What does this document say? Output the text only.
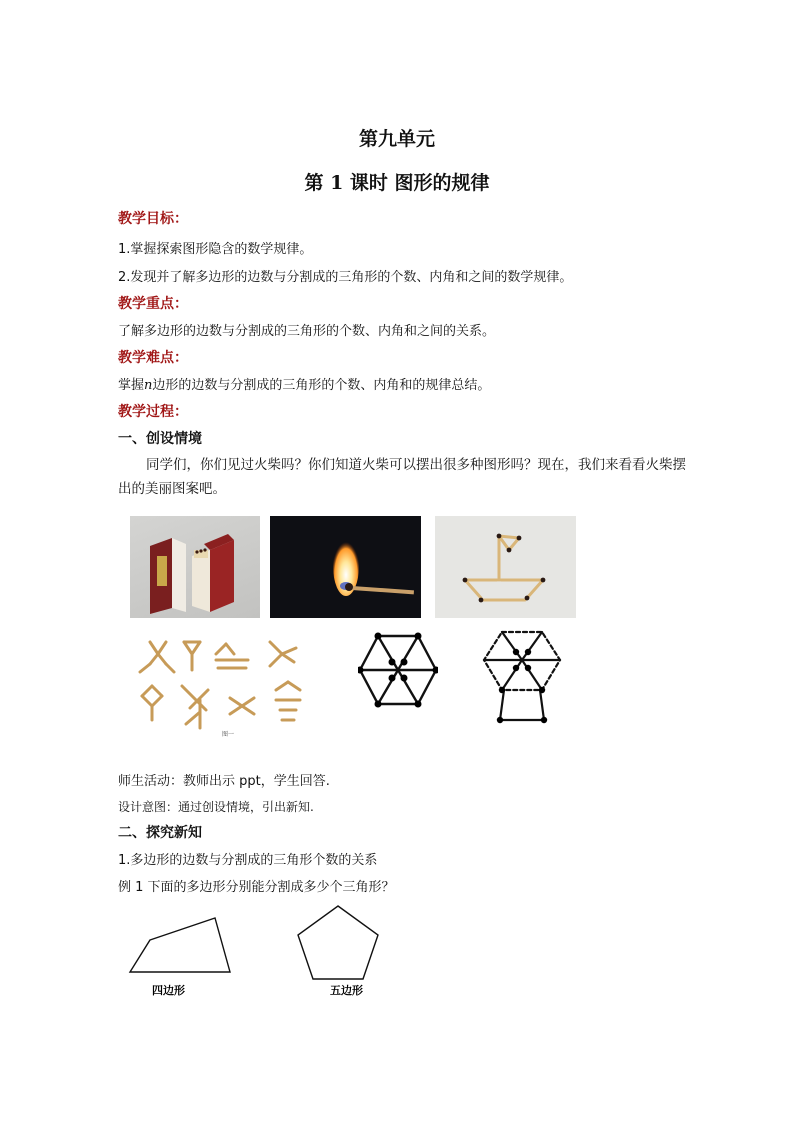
第九单元
第 1 课时 图形的规律
教学目标：
1.掌握探索图形隐含的数学规律。
2.发现并了解多边形的边数与分割成的三角形的个数、内角和之间的数学规律。
教学重点：
了解多边形的边数与分割成的三角形的个数、内角和之间的关系。
教学难点：
掌握n边形的边数与分割成的三角形的个数、内角和的规律总结。
教学过程：
一、创设情境
同学们，你们见过火柴吗？你们知道火柴可以摆出很多种图形吗？现在，我们来看看火柴摆出的美丽图案吧。
图一
师生活动：教师出示 ppt，学生回答.
设计意图：通过创设情境，引出新知.
二、探究新知
1.多边形的边数与分割成的三角形个数的关系
例 1 下面的多边形分别能分割成多少个三角形？
四边形	五边形
